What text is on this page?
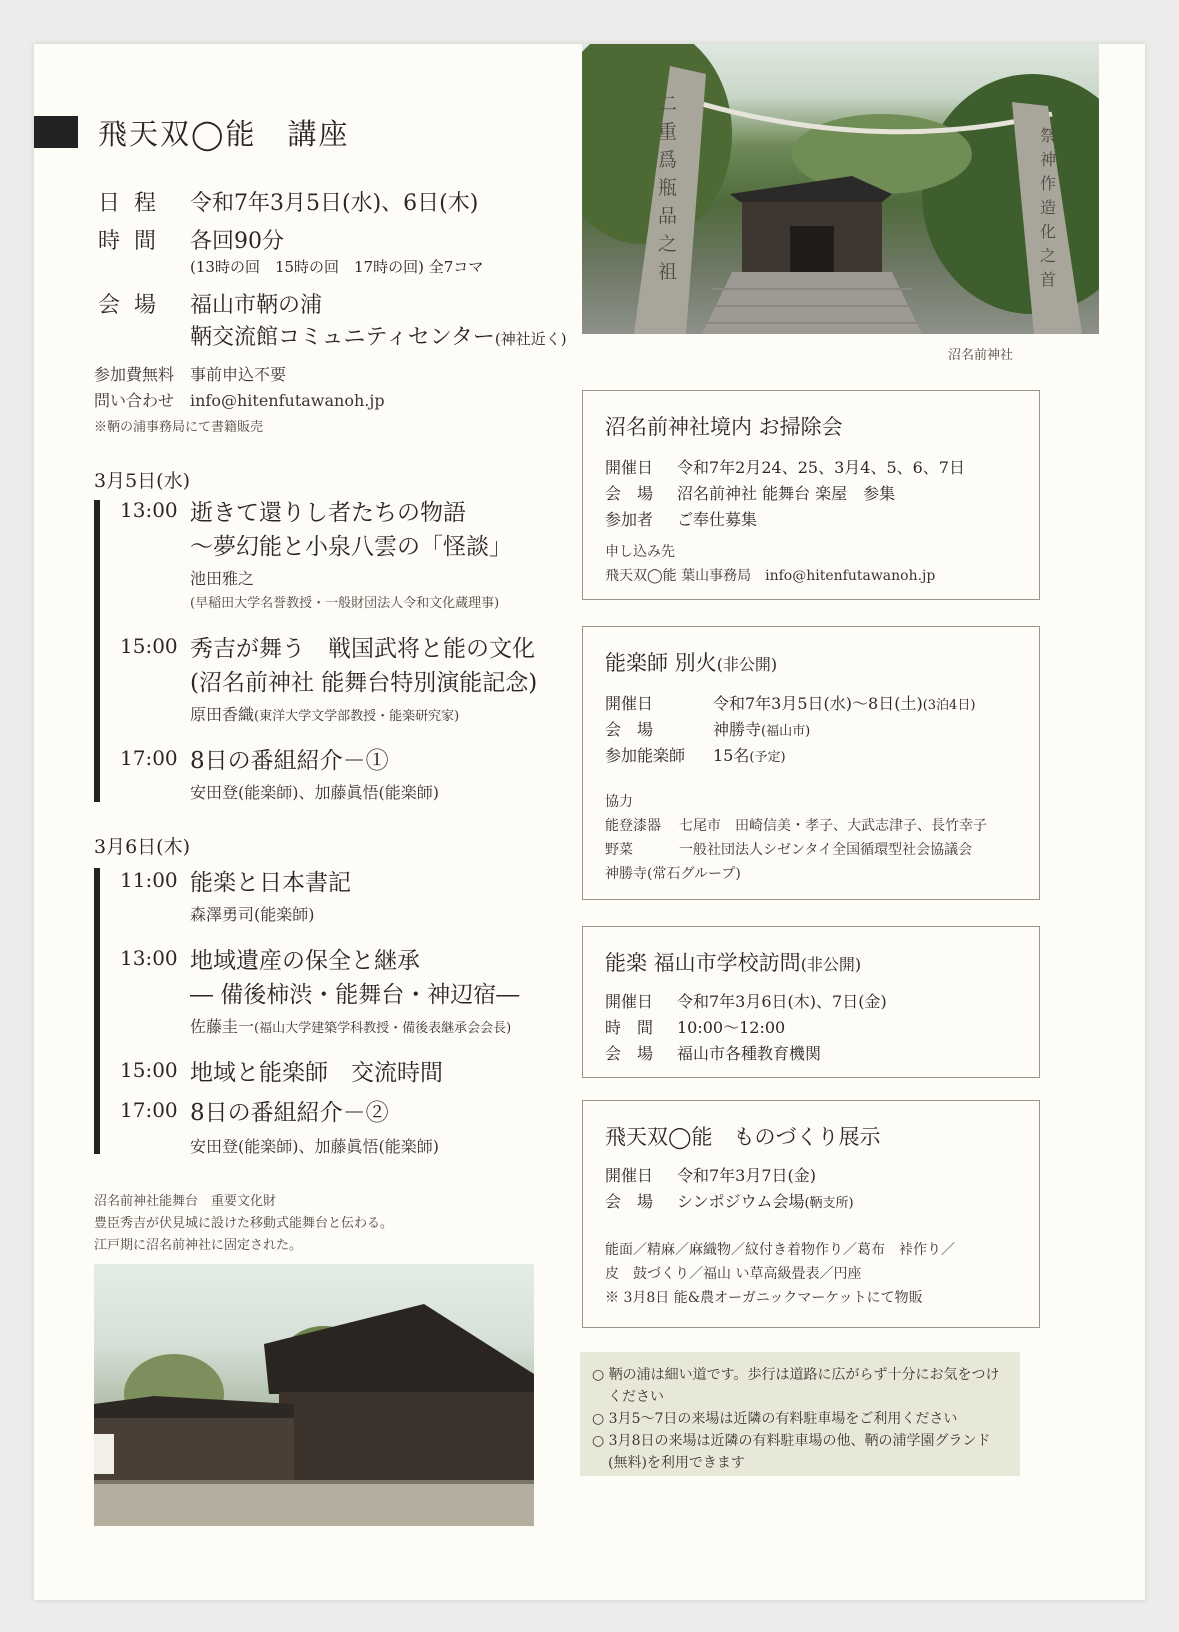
飛天双◯能　講座
日程 令和7年3月5日(水)、6日(木)
時間 各回90分
(13時の回　15時の回　17時の回) 全7コマ
会場 福山市鞆の浦
鞆交流館コミュニティセンター(神社近く)
参加費無料　事前申込不要
問い合わせ　info@hitenfutawanoh.jp
※鞆の浦事務局にて書籍販売
3月5日(水)
13:00 逝きて還りし者たちの物語
～夢幻能と小泉八雲の「怪談」
池田雅之
(早稲田大学名誉教授・一般財団法人令和文化蔵理事)
15:00 秀吉が舞う　戦国武将と能の文化
(沼名前神社 能舞台特別演能記念)
原田香織(東洋大学文学部教授・能楽研究家)
17:00 8日の番組紹介－①
安田登(能楽師)、加藤眞悟(能楽師)
3月6日(木)
11:00 能楽と日本書記
森澤勇司(能楽師)
13:00 地域遺産の保全と継承
― 備後柿渋・能舞台・神辺宿―
佐藤圭一(福山大学建築学科教授・備後表継承会会長)
15:00 地域と能楽師　交流時間
17:00 8日の番組紹介－②
安田登(能楽師)、加藤眞悟(能楽師)
沼名前神社能舞台　重要文化財
豊臣秀吉が伏見城に設けた移動式能舞台と伝わる。
江戸期に沼名前神社に固定された。
二重爲瓶品之祖
祭神作造化之首
沼名前神社
沼名前神社境内 お掃除会
開催日 令和7年2月24、25、3月4、5、6、7日
会　場 沼名前神社 能舞台 楽屋　参集
参加者 ご奉仕募集
申し込み先
飛天双◯能 葉山事務局　info@hitenfutawanoh.jp
能楽師 別火(非公開)
開催日	令和7年3月5日(水)～8日(土)(3泊4日)
会　場	神勝寺(福山市)
参加能楽師 15名(予定)
協力
能登漆器 七尾市　田崎信美・孝子、大武志津子、長竹幸子
野菜	一般社団法人シゼンタイ全国循環型社会協議会
神勝寺(常石グループ)
能楽 福山市学校訪問(非公開)
開催日 令和7年3月6日(木)、7日(金)
時　間 10:00～12:00
会　場 福山市各種教育機関
飛天双◯能　ものづくり展示
開催日 令和7年3月7日(金)
会　場 シンポジウム会場(鞆支所)
能面／精麻／麻織物／紋付き着物作り／葛布　裃作り／
皮　鼓づくり／福山 い草高級畳表／円座
※ 3月8日 能&農オーガニックマーケットにて物販
○ 鞆の浦は細い道です。歩行は道路に広がらず十分にお気をつけ
ください
○ 3月5～7日の来場は近隣の有料駐車場をご利用ください
○ 3月8日の来場は近隣の有料駐車場の他、鞆の浦学園グランド
(無料)を利用できます
